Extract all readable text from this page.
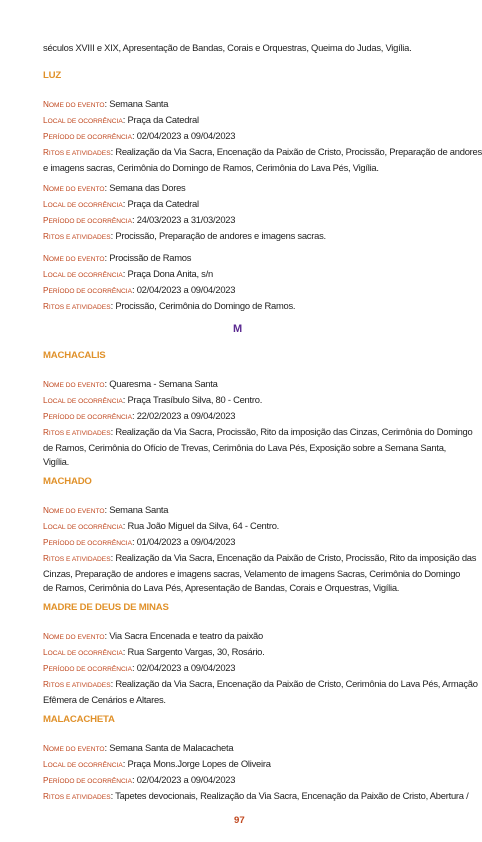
séculos XVIII e XIX, Apresentação de Bandas, Corais e Orquestras, Queima do Judas, Vigília.
LUZ
NOME DO EVENTO: Semana Santa
LOCAL DE OCORRÊNCIA: Praça da Catedral
PERÍODO DE OCORRÊNCIA: 02/04/2023 a 09/04/2023
RITOS E ATIVIDADES: Realização da Via Sacra, Encenação da Paixão de Cristo, Procissão, Preparação de andores
e imagens sacras, Cerimônia do Domingo de Ramos, Cerimônia do Lava Pés, Vigília.
NOME DO EVENTO: Semana das Dores
LOCAL DE OCORRÊNCIA: Praça da Catedral
PERÍODO DE OCORRÊNCIA: 24/03/2023 a 31/03/2023
RITOS E ATIVIDADES: Procissão, Preparação de andores e imagens sacras.
NOME DO EVENTO: Procissão de Ramos
LOCAL DE OCORRÊNCIA: Praça Dona Anita, s/n
PERÍODO DE OCORRÊNCIA: 02/04/2023 a 09/04/2023
RITOS E ATIVIDADES: Procissão, Cerimônia do Domingo de Ramos.
M
MACHACALIS
NOME DO EVENTO: Quaresma - Semana Santa
LOCAL DE OCORRÊNCIA: Praça Trasíbulo Silva, 80 - Centro.
PERÍODO DE OCORRÊNCIA: 22/02/2023 a 09/04/2023
RITOS E ATIVIDADES: Realização da Via Sacra, Procissão, Rito da imposição das Cinzas, Cerimônia do Domingo
de Ramos, Cerimônia do Ofício de Trevas, Cerimônia do Lava Pés, Exposição sobre a Semana Santa,
Vigília.
MACHADO
NOME DO EVENTO: Semana Santa
LOCAL DE OCORRÊNCIA: Rua João Miguel da Silva, 64 - Centro.
PERÍODO DE OCORRÊNCIA: 01/04/2023 a 09/04/2023
RITOS E ATIVIDADES: Realização da Via Sacra, Encenação da Paixão de Cristo, Procissão, Rito da imposição das
Cinzas, Preparação de andores e imagens sacras, Velamento de imagens Sacras, Cerimônia do Domingo
de Ramos, Cerimônia do Lava Pés, Apresentação de Bandas, Corais e Orquestras, Vigília.
MADRE DE DEUS DE MINAS
NOME DO EVENTO: Via Sacra Encenada e teatro da paixão
LOCAL DE OCORRÊNCIA: Rua Sargento Vargas, 30, Rosário.
PERÍODO DE OCORRÊNCIA: 02/04/2023 a 09/04/2023
RITOS E ATIVIDADES: Realização da Via Sacra, Encenação da Paixão de Cristo, Cerimônia do Lava Pés, Armação
Efêmera de Cenários e Altares.
MALACACHETA
NOME DO EVENTO: Semana Santa de Malacacheta
LOCAL DE OCORRÊNCIA: Praça Mons.Jorge Lopes de Oliveira
PERÍODO DE OCORRÊNCIA: 02/04/2023 a 09/04/2023
RITOS E ATIVIDADES: Tapetes devocionais, Realização da Via Sacra, Encenação da Paixão de Cristo, Abertura /
97
